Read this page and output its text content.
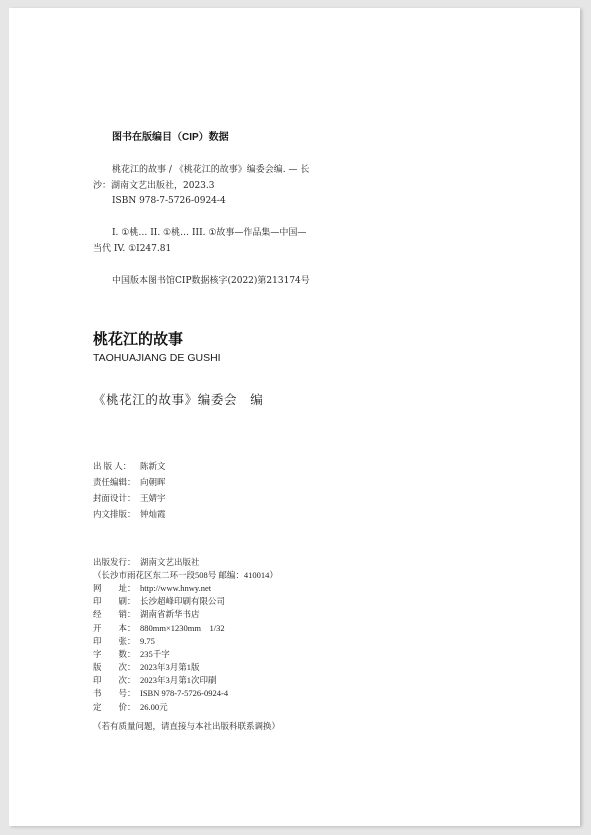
图书在版编目（CIP）数据
桃花江的故事 / 《桃花江的故事》编委会编. — 长
沙：湖南文艺出版社，2023.3
ISBN 978-7-5726-0924-4
I. ①桃… II. ①桃… III. ①故事—作品集—中国—
当代 IV. ①I247.81
中国版本图书馆CIP数据核字(2022)第213174号
桃花江的故事
TAOHUAJIANG DE GUSHI
《桃花江的故事》编委会　编
出 版 人： 陈新文
责任编辑： 向朝晖
封面设计： 王婧宇
内文排版： 钟灿霞
出版发行： 湖南文艺出版社
（长沙市雨花区东二环一段508号 邮编：410014）
网　　址： http://www.hnwy.net
印　　刷： 长沙超峰印刷有限公司
经　　销： 湖南省新华书店
开　　本： 880mm×1230mm　1/32
印　　张： 9.75
字　　数： 235千字
版　　次： 2023年3月第1版
印　　次： 2023年3月第1次印刷
书　　号： ISBN 978-7-5726-0924-4
定　　价： 26.00元
（若有质量问题，请直接与本社出版科联系调换）
